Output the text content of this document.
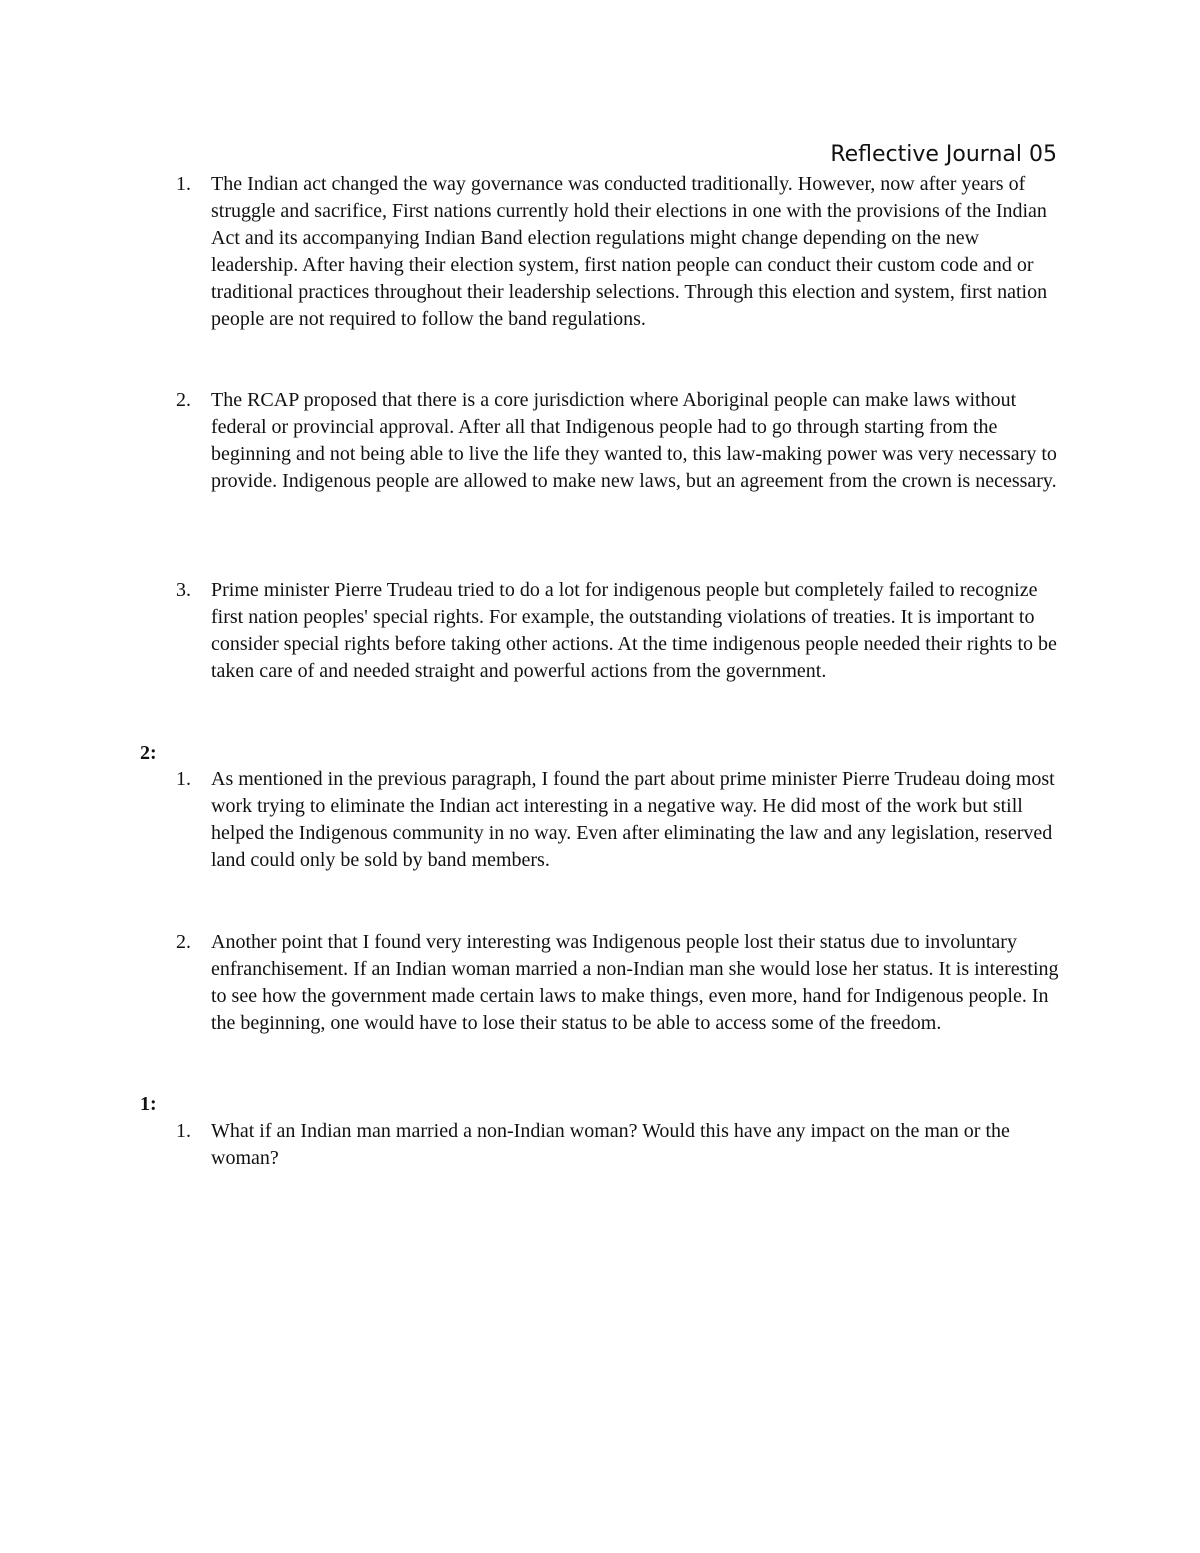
Reflective Journal 05
1. The Indian act changed the way governance was conducted traditionally. However, now after years of struggle and sacrifice, First nations currently hold their elections in one with the provisions of the Indian Act and its accompanying Indian Band election regulations might change depending on the new leadership. After having their election system, first nation people can conduct their custom code and or traditional practices throughout their leadership selections. Through this election and system, first nation people are not required to follow the band regulations.

2. The RCAP proposed that there is a core jurisdiction where Aboriginal people can make laws without federal or provincial approval. After all that Indigenous people had to go through starting from the beginning and not being able to live the life they wanted to, this law-making power was very necessary to provide. Indigenous people are allowed to make new laws, but an agreement from the crown is necessary.

3. Prime minister Pierre Trudeau tried to do a lot for indigenous people but completely failed to recognize first nation peoples' special rights. For example, the outstanding violations of treaties. It is important to consider special rights before taking other actions. At the time indigenous people needed their rights to be taken care of and needed straight and powerful actions from the government.

2:

1. As mentioned in the previous paragraph, I found the part about prime minister Pierre Trudeau doing most work trying to eliminate the Indian act interesting in a negative way. He did most of the work but still helped the Indigenous community in no way. Even after eliminating the law and any legislation, reserved land could only be sold by band members.

2. Another point that I found very interesting was Indigenous people lost their status due to involuntary enfranchisement. If an Indian woman married a non-Indian man she would lose her status. It is interesting to see how the government made certain laws to make things, even more, hand for Indigenous people. In the beginning, one would have to lose their status to be able to access some of the freedom.

1:

1. What if an Indian man married a non-Indian woman? Would this have any impact on the man or the woman?
